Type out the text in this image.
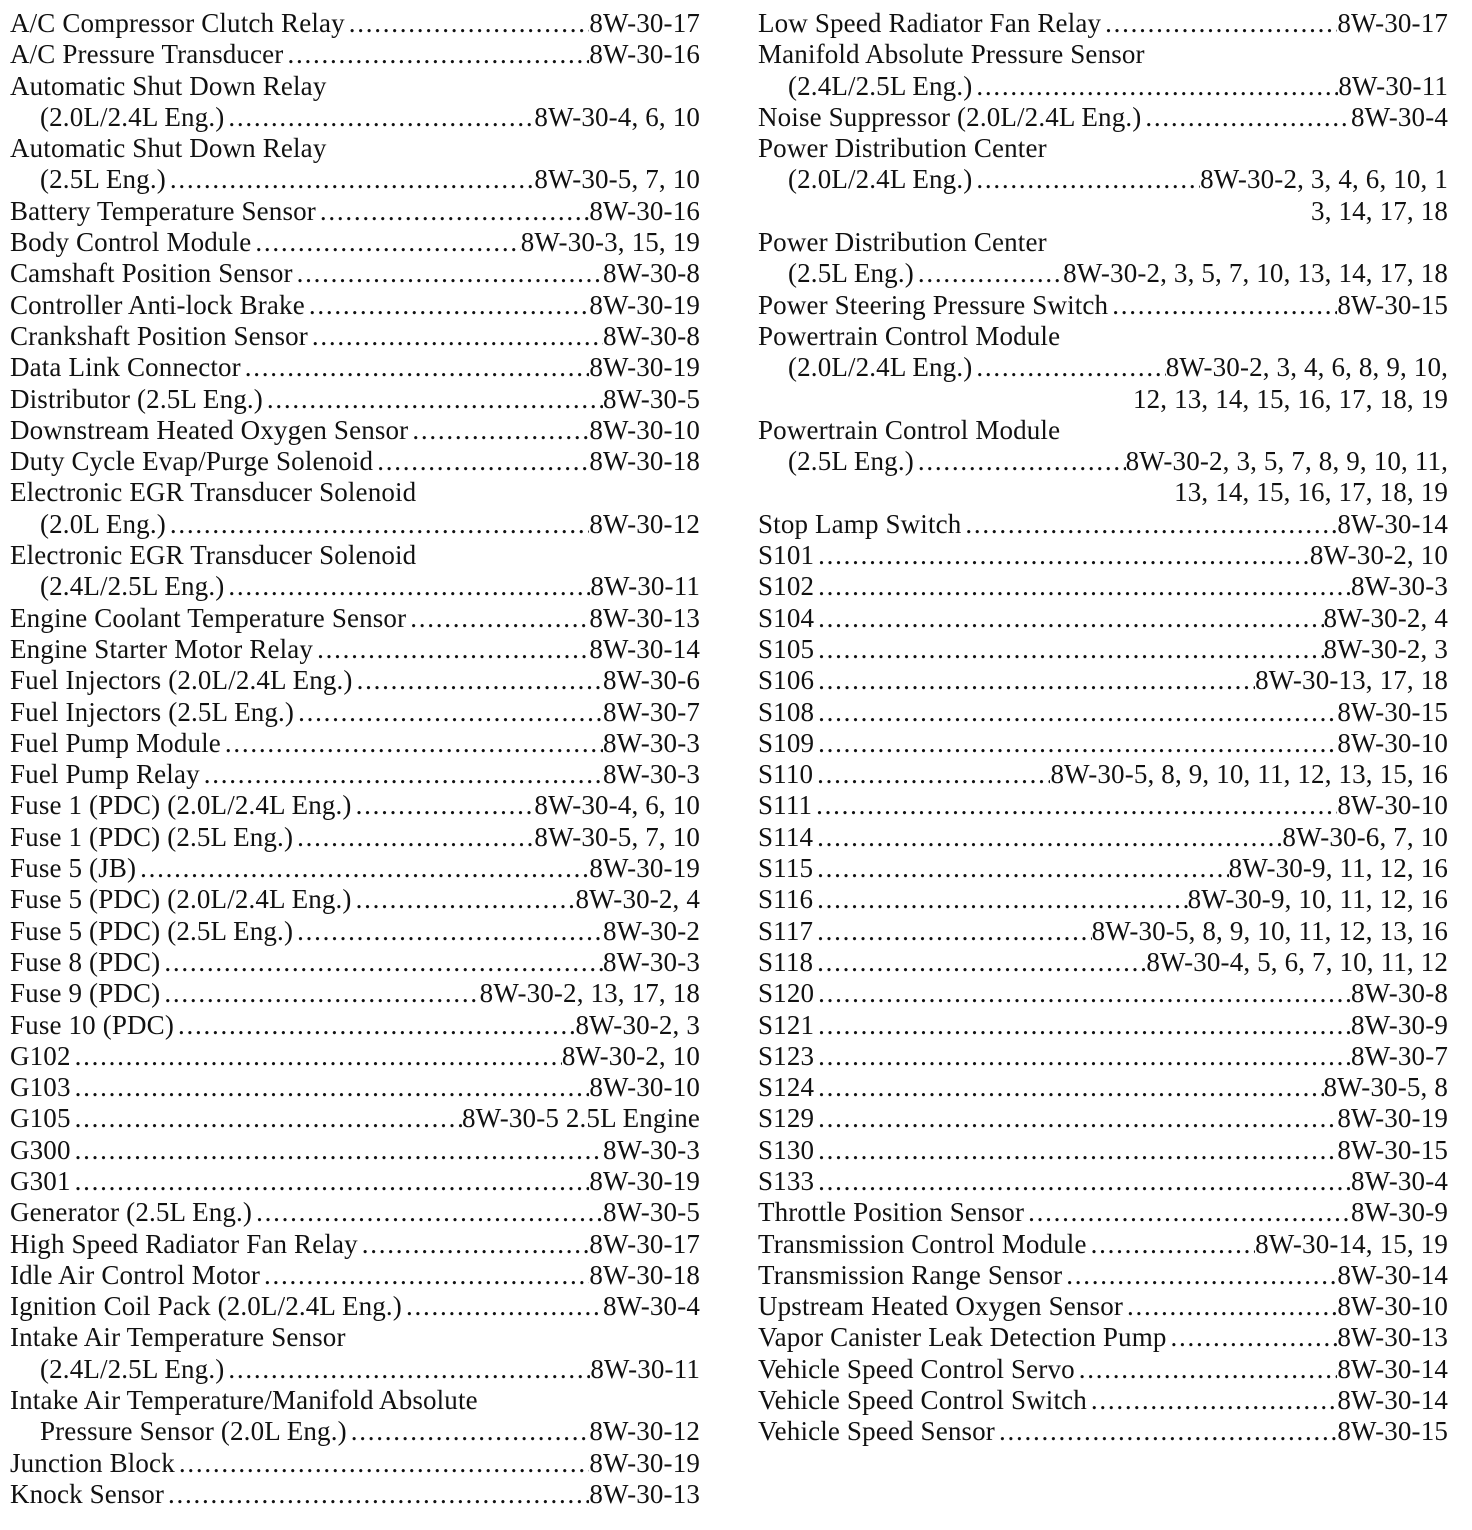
A/C Compressor Clutch Relay . . .	8W-30-17
A/C Pressure Transducer . . .	8W-30-16
Automatic Shut Down Relay
(2.0L/2.4L Eng.) . . .	8W-30-4, 6, 10
Automatic Shut Down Relay
(2.5L Eng.) . . .	8W-30-5, 7, 10
Battery Temperature Sensor . . .	8W-30-16
Body Control Module . . .	8W-30-3, 15, 19
Camshaft Position Sensor . . .	8W-30-8
Controller Anti-lock Brake . . .	8W-30-19
Crankshaft Position Sensor . . .	8W-30-8
Data Link Connector . . .	8W-30-19
Distributor (2.5L Eng.) . . .	8W-30-5
Downstream Heated Oxygen Sensor . . .	8W-30-10
Duty Cycle Evap/Purge Solenoid . . .	8W-30-18
Electronic EGR Transducer Solenoid
(2.0L Eng.) . . .	8W-30-12
Electronic EGR Transducer Solenoid
(2.4L/2.5L Eng.) . . .	8W-30-11
Engine Coolant Temperature Sensor . . .	8W-30-13
Engine Starter Motor Relay . . .	8W-30-14
Fuel Injectors (2.0L/2.4L Eng.) . . .	8W-30-6
Fuel Injectors (2.5L Eng.) . . .	8W-30-7
Fuel Pump Module . . .	8W-30-3
Fuel Pump Relay . . .	8W-30-3
Fuse 1 (PDC) (2.0L/2.4L Eng.) . . .	8W-30-4, 6, 10
Fuse 1 (PDC) (2.5L Eng.) . . .	8W-30-5, 7, 10
Fuse 5 (JB) . . .	8W-30-19
Fuse 5 (PDC) (2.0L/2.4L Eng.) . . .	8W-30-2, 4
Fuse 5 (PDC) (2.5L Eng.) . . .	8W-30-2
Fuse 8 (PDC) . . .	8W-30-3
Fuse 9 (PDC) . . .	8W-30-2, 13, 17, 18
Fuse 10 (PDC) . . .	8W-30-2, 3
G102 . . .	8W-30-2, 10
G103 . . .	8W-30-10
G105 . . .	8W-30-5 2.5L Engine
G300 . . .	8W-30-3
G301 . . .	8W-30-19
Generator (2.5L Eng.) . . .	8W-30-5
High Speed Radiator Fan Relay . . .	8W-30-17
Idle Air Control Motor . . .	8W-30-18
Ignition Coil Pack (2.0L/2.4L Eng.) . . .	8W-30-4
Intake Air Temperature Sensor
(2.4L/2.5L Eng.) . . .	8W-30-11
Intake Air Temperature/Manifold Absolute
Pressure Sensor (2.0L Eng.) . . .	8W-30-12
Junction Block . . .	8W-30-19
Knock Sensor . . .	8W-30-13
Low Speed Radiator Fan Relay . . .	8W-30-17
Manifold Absolute Pressure Sensor
(2.4L/2.5L Eng.) . . .	8W-30-11
Noise Suppressor (2.0L/2.4L Eng.) . . .	8W-30-4
Power Distribution Center
(2.0L/2.4L Eng.) . . .	8W-30-2, 3, 4, 6, 10, 1
3, 14, 17, 18
Power Distribution Center
(2.5L Eng.) . . .	8W-30-2, 3, 5, 7, 10, 13, 14, 17, 18
Power Steering Pressure Switch . . .	8W-30-15
Powertrain Control Module
(2.0L/2.4L Eng.) . . .	8W-30-2, 3, 4, 6, 8, 9, 10,
12, 13, 14, 15, 16, 17, 18, 19
Powertrain Control Module
(2.5L Eng.) . . .	8W-30-2, 3, 5, 7, 8, 9, 10, 11,
13, 14, 15, 16, 17, 18, 19
Stop Lamp Switch . . .	8W-30-14
S101 . . .	8W-30-2, 10
S102 . . .	8W-30-3
S104 . . .	8W-30-2, 4
S105 . . .	8W-30-2, 3
S106 . . .	8W-30-13, 17, 18
S108 . . .	8W-30-15
S109 . . .	8W-30-10
S110 . . .	8W-30-5, 8, 9, 10, 11, 12, 13, 15, 16
S111 . . .	8W-30-10
S114 . . .	8W-30-6, 7, 10
S115 . . .	8W-30-9, 11, 12, 16
S116 . . .	8W-30-9, 10, 11, 12, 16
S117 . . .	8W-30-5, 8, 9, 10, 11, 12, 13, 16
S118 . . .	8W-30-4, 5, 6, 7, 10, 11, 12
S120 . . .	8W-30-8
S121 . . .	8W-30-9
S123 . . .	8W-30-7
S124 . . .	8W-30-5, 8
S129 . . .	8W-30-19
S130 . . .	8W-30-15
S133 . . .	8W-30-4
Throttle Position Sensor . . .	8W-30-9
Transmission Control Module . . .	8W-30-14, 15, 19
Transmission Range Sensor . . .	8W-30-14
Upstream Heated Oxygen Sensor . . .	8W-30-10
Vapor Canister Leak Detection Pump . . .	8W-30-13
Vehicle Speed Control Servo . . .	8W-30-14
Vehicle Speed Control Switch . . .	8W-30-14
Vehicle Speed Sensor . . .	8W-30-15
